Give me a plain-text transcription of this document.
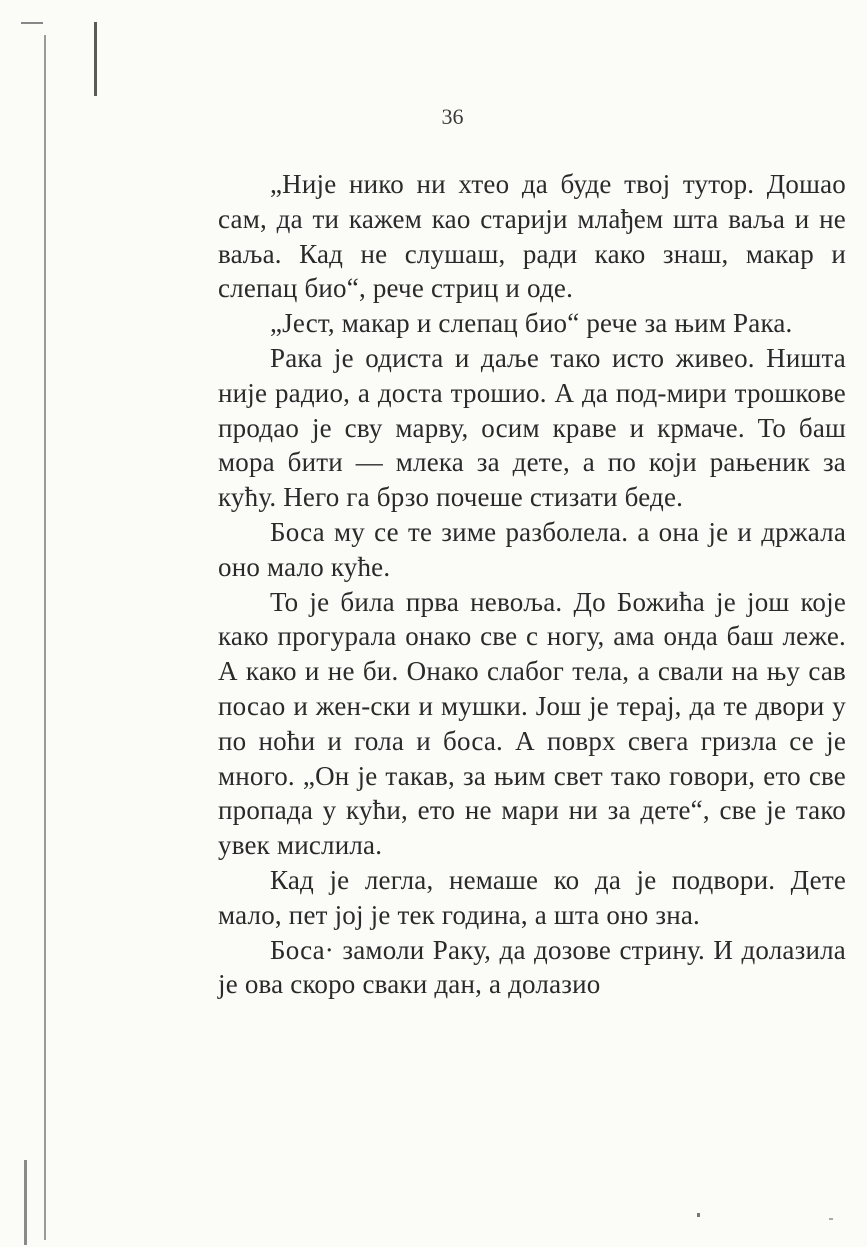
36

„Није нико ни хтео да буде твој тутор. Дошао сам, да ти кажем као старији млађем шта ваља и не ваља. Кад не слушаш, ради како знаш, макар и слепац био“, рече стриц и оде.

„Јест, макар и слепац био“ рече за њим Рака.

Рака је одиста и даље тако исто живео. Ништа није радио, а доста трошио. А да под-мири трошкове продао је сву марву, осим краве и крмаче. То баш мора бити — млека за дете, а по који рањеник за кућу. Него га брзо почеше стизати беде.

Боса му се те зиме разболела. а она је и држала оно мало куће.

То је била прва невоља. До Божића је још које како прогурала онако све с ногу, ама онда баш леже. А како и не би. Онако слабог тела, а свали на њу сав посао и жен-ски и мушки. Још је терај, да те двори у по ноћи и гола и боса. А поврх свега гризла се је много. „Он је такав, за њим свет тако говори, ето све пропада у кући, ето не мари ни за дете“, све је тако увек мислила.

Кад је легла, немаше ко да је подвори. Дете мало, пет јој је тек година, а шта оно зна.

Боса· замоли Раку, да дозове стрину. И долазила је ова скоро сваки дан, а долазио
